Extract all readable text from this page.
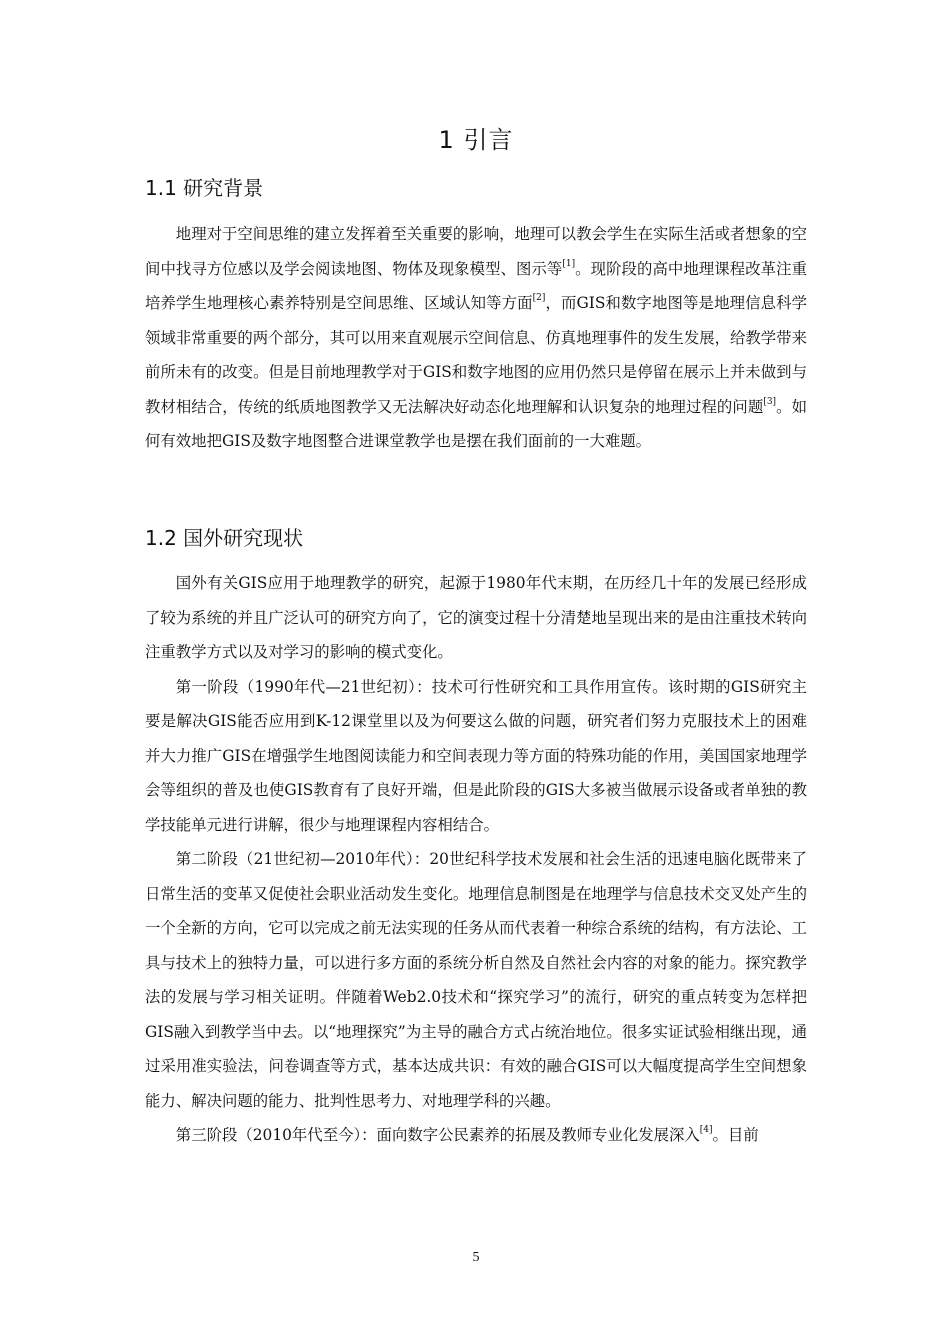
1 引言
1.1 研究背景

地理对于空间思维的建立发挥着至关重要的影响，地理可以教会学生在实际生活或者想象的空间中找寻方位感以及学会阅读地图、物体及现象模型、图示等[1]。现阶段的高中地理课程改革注重培养学生地理核心素养特别是空间思维、区域认知等方面[2]，而GIS和数字地图等是地理信息科学领域非常重要的两个部分，其可以用来直观展示空间信息、仿真地理事件的发生发展，给教学带来前所未有的改变。但是目前地理教学对于GIS和数字地图的应用仍然只是停留在展示上并未做到与教材相结合，传统的纸质地图教学又无法解决好动态化地理解和认识复杂的地理过程的问题[3]。如何有效地把GIS及数字地图整合进课堂教学也是摆在我们面前的一大难题。

1.2 国外研究现状

国外有关GIS应用于地理教学的研究，起源于1980年代末期，在历经几十年的发展已经形成了较为系统的并且广泛认可的研究方向了，它的演变过程十分清楚地呈现出来的是由注重技术转向注重教学方式以及对学习的影响的模式变化。

第一阶段（1990年代—21世纪初）：技术可行性研究和工具作用宣传。该时期的GIS研究主要是解决GIS能否应用到K-12课堂里以及为何要这么做的问题，研究者们努力克服技术上的困难并大力推广GIS在增强学生地图阅读能力和空间表现力等方面的特殊功能的作用，美国国家地理学会等组织的普及也使GIS教育有了良好开端，但是此阶段的GIS大多被当做展示设备或者单独的教学技能单元进行讲解，很少与地理课程内容相结合。

第二阶段（21世纪初—2010年代）：20世纪科学技术发展和社会生活的迅速电脑化既带来了日常生活的变革又促使社会职业活动发生变化。地理信息制图是在地理学与信息技术交叉处产生的一个全新的方向，它可以完成之前无法实现的任务从而代表着一种综合系统的结构，有方法论、工具与技术上的独特力量，可以进行多方面的系统分析自然及自然社会内容的对象的能力。探究教学法的发展与学习相关证明。伴随着Web2.0技术和“探究学习”的流行，研究的重点转变为怎样把GIS融入到教学当中去。以“地理探究”为主导的融合方式占统治地位。很多实证试验相继出现，通过采用准实验法，问卷调查等方式，基本达成共识：有效的融合GIS可以大幅度提高学生空间想象能力、解决问题的能力、批判性思考力、对地理学科的兴趣。

第三阶段（2010年代至今）：面向数字公民素养的拓展及教师专业化发展深入[4]。目前

5
